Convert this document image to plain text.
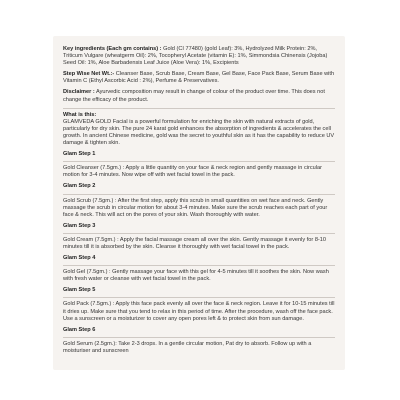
Key ingredients (Each gm contains) : Gold (CI 77480) (gold Leaf): 3%, Hydrolyzed Milk Protein: 2%, Triticum Vulgare (wheatgerm Oil): 2%, Tocopheryl Acetate (vitamin E): 1%, Simmondsia Chinensis (Jojoba) Seed Oil: 1%, Aloe Barbadensis Leaf Juice (Aloe Vera): 1%, Excipients

Step Wise Net Wt.:- Cleanser Base, Scrub Base, Cream Base, Gel Base, Face Pack Base, Serum Base with Vitamin C (Ethyl Ascorbic Acid : 2%), Perfume & Preservatives.

Disclaimer : Ayurvedic composition may result in change of colour of the product over time. This does not change the efficacy of the product.

What is this:
GLAMVEDA GOLD Facial is a powerful formulation for enriching the skin with natural extracts of gold, particularly for dry skin. The pure 24 karat gold enhances the absorption of ingredients & accelerates the cell growth. In ancient Chinese medicine, gold was the secret to youthful skin as it has the capability to reduce UV damage & tighten skin.
Glam Step 1
Gold Cleanser (7.5gm.) : Apply a little quantity on your face & neck region and gently massage in circular motion for 3-4 minutes. Now wipe off with wet facial towel in the pack.
Glam Step 2
Gold Scrub (7.5gm.) : After the first step, apply this scrub in small quantities on wet face and neck. Gently massage the scrub in circular motion for about 3-4 minutes. Make sure the scrub reaches each part of your face & neck. This will act on the pores of your skin. Wash thoroughly with water.
Glam Step 3
Gold Cream (7.5gm.) : Apply the facial massage cream all over the skin. Gently massage it evenly for 8-10 minutes till it is absorbed by the skin. Cleanse it thoroughly with wet facial towel in the pack.
Glam Step 4
Gold Gel (7.5gm.) : Gently massage your face with this gel for 4-5 minutes till it soothes the skin. Now wash with fresh water or cleanse with wet facial towel in the pack.
Glam Step 5
Gold Pack (7.5gm.) : Apply this face pack evenly all over the face & neck region. Leave it for 10-15 minutes till it dries up. Make sure that you tend to relax in this period of time. After the procedure, wash off the face pack. Use a sunscreen or a moisturizer to cover any open pores left & to protect skin from sun damage.
Glam Step 6
Gold Serum (2.5gm.): Take 2-3 drops. In a gentle circular motion, Pat dry to absorb. Follow up with a moisturiser and sunscreen
